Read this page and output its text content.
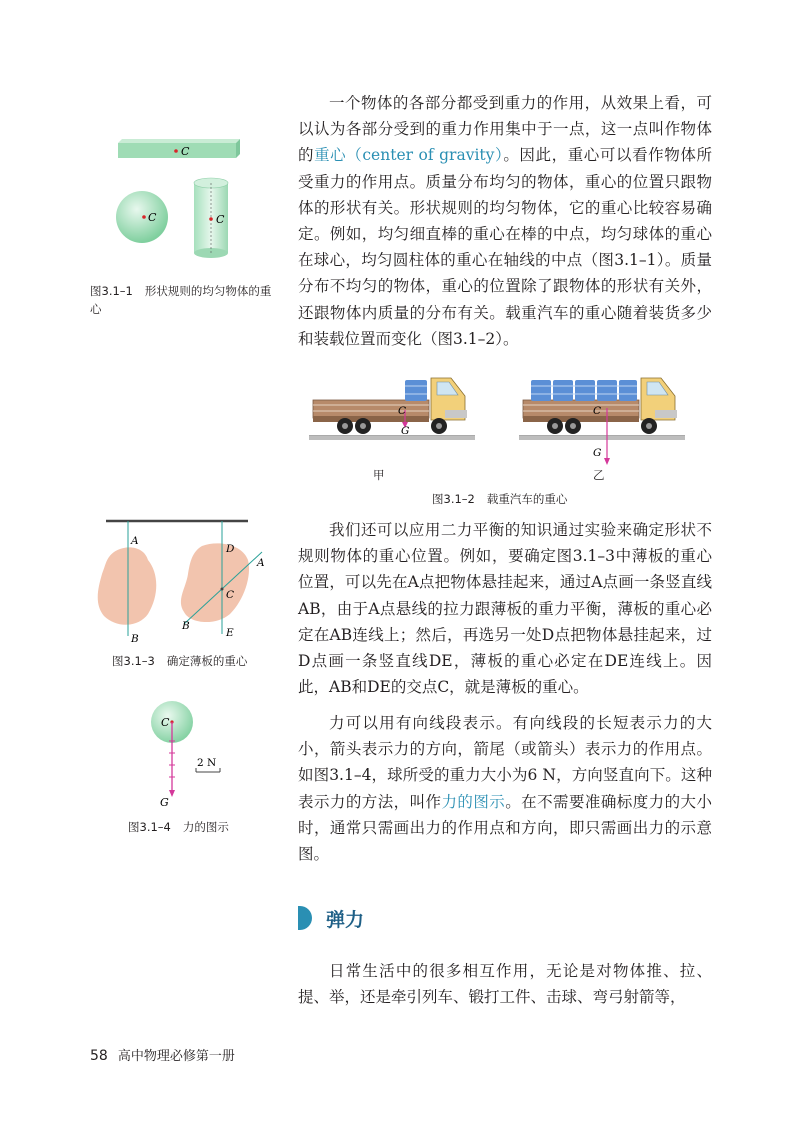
一个物体的各部分都受到重力的作用，从效果上看，可以认为各部分受到的重力作用集中于一点，这一点叫作物体的重心（center of gravity）。因此，重心可以看作物体所受重力的作用点。质量分布均匀的物体，重心的位置只跟物体的形状有关。形状规则的均匀物体，它的重心比较容易确定。例如，均匀细直棒的重心在棒的中点，均匀球体的重心在球心，均匀圆柱体的重心在轴线的中点（图3.1–1）。质量分布不均匀的物体，重心的位置除了跟物体的形状有关外，还跟物体内质量的分布有关。载重汽车的重心随着装货多少和装载位置而变化（图3.1–2）。

C
C	C
图3.1–1 形状规则的均匀物体的重心
C
G
C
G
甲	乙
图3.1–2 载重汽车的重心
A
B
D
A
C
B
E
图3.1–3 确定薄板的重心

我们还可以应用二力平衡的知识通过实验来确定形状不规则物体的重心位置。例如，要确定图3.1–3中薄板的重心位置，可以先在A点把物体悬挂起来，通过A点画一条竖直线AB，由于A点悬线的拉力跟薄板的重力平衡，薄板的重心必定在AB连线上；然后，再选另一处D点把物体悬挂起来，过D点画一条竖直线DE，薄板的重心必定在DE连线上。因此，AB和DE的交点C，就是薄板的重心。

C
G
2 N
图3.1–4 力的图示

力可以用有向线段表示。有向线段的长短表示力的大小，箭头表示力的方向，箭尾（或箭头）表示力的作用点。如图3.1–4，球所受的重力大小为6 N，方向竖直向下。这种表示力的方法，叫作力的图示。在不需要准确标度力的大小时，通常只需画出力的作用点和方向，即只需画出力的示意图。

弹力

日常生活中的很多相互作用，无论是对物体推、拉、提、举，还是牵引列车、锻打工件、击球、弯弓射箭等，

58 高中物理必修第一册
